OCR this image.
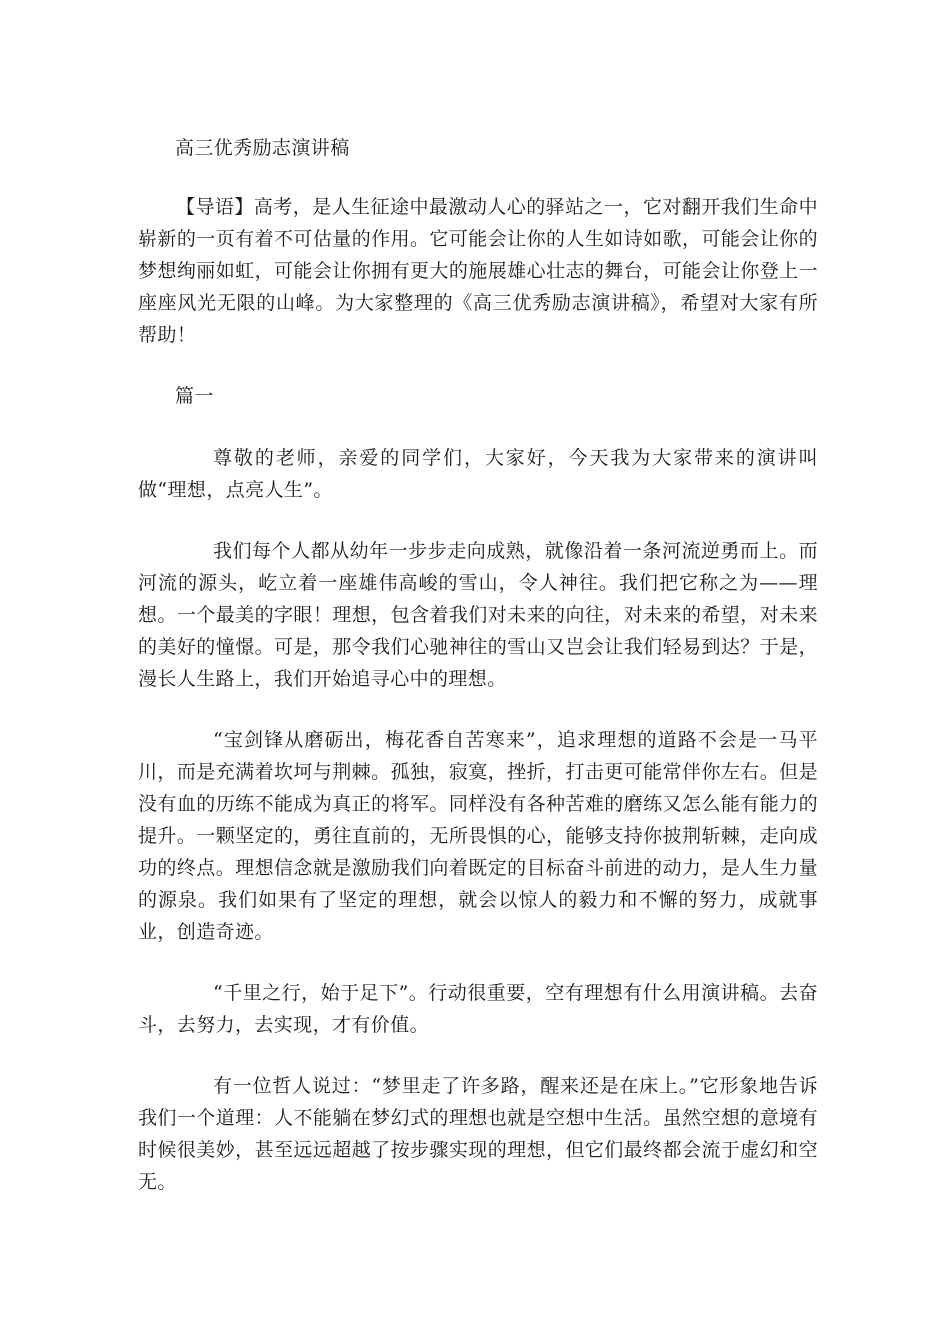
高三优秀励志演讲稿

【导语】高考，是人生征途中最激动人心的驿站之一，它对翻开我们生命中崭新的一页有着不可估量的作用。它可能会让你的人生如诗如歌，可能会让你的梦想绚丽如虹，可能会让你拥有更大的施展雄心壮志的舞台，可能会让你登上一座座风光无限的山峰。为大家整理的《高三优秀励志演讲稿》，希望对大家有所帮助！

篇一

尊敬的老师，亲爱的同学们，大家好，今天我为大家带来的演讲叫做“理想，点亮人生”。

我们每个人都从幼年一步步走向成熟，就像沿着一条河流逆勇而上。而河流的源头，屹立着一座雄伟高峻的雪山，令人神往。我们把它称之为——理想。一个最美的字眼！理想，包含着我们对未来的向往，对未来的希望，对未来的美好的憧憬。可是，那令我们心驰神往的雪山又岂会让我们轻易到达？于是，漫长人生路上，我们开始追寻心中的理想。

“宝剑锋从磨砺出，梅花香自苦寒来”，追求理想的道路不会是一马平川，而是充满着坎坷与荆棘。孤独，寂寞，挫折，打击更可能常伴你左右。但是没有血的历练不能成为真正的将军。同样没有各种苦难的磨练又怎么能有能力的提升。一颗坚定的，勇往直前的，无所畏惧的心，能够支持你披荆斩棘，走向成功的终点。理想信念就是激励我们向着既定的目标奋斗前进的动力，是人生力量的源泉。我们如果有了坚定的理想，就会以惊人的毅力和不懈的努力，成就事业，创造奇迹。

“千里之行，始于足下”。行动很重要，空有理想有什么用演讲稿。去奋斗，去努力，去实现，才有价值。

有一位哲人说过：“梦里走了许多路，醒来还是在床上。”它形象地告诉我们一个道理：人不能躺在梦幻式的理想也就是空想中生活。虽然空想的意境有时候很美妙，甚至远远超越了按步骤实现的理想，但它们最终都会流于虚幻和空无。
